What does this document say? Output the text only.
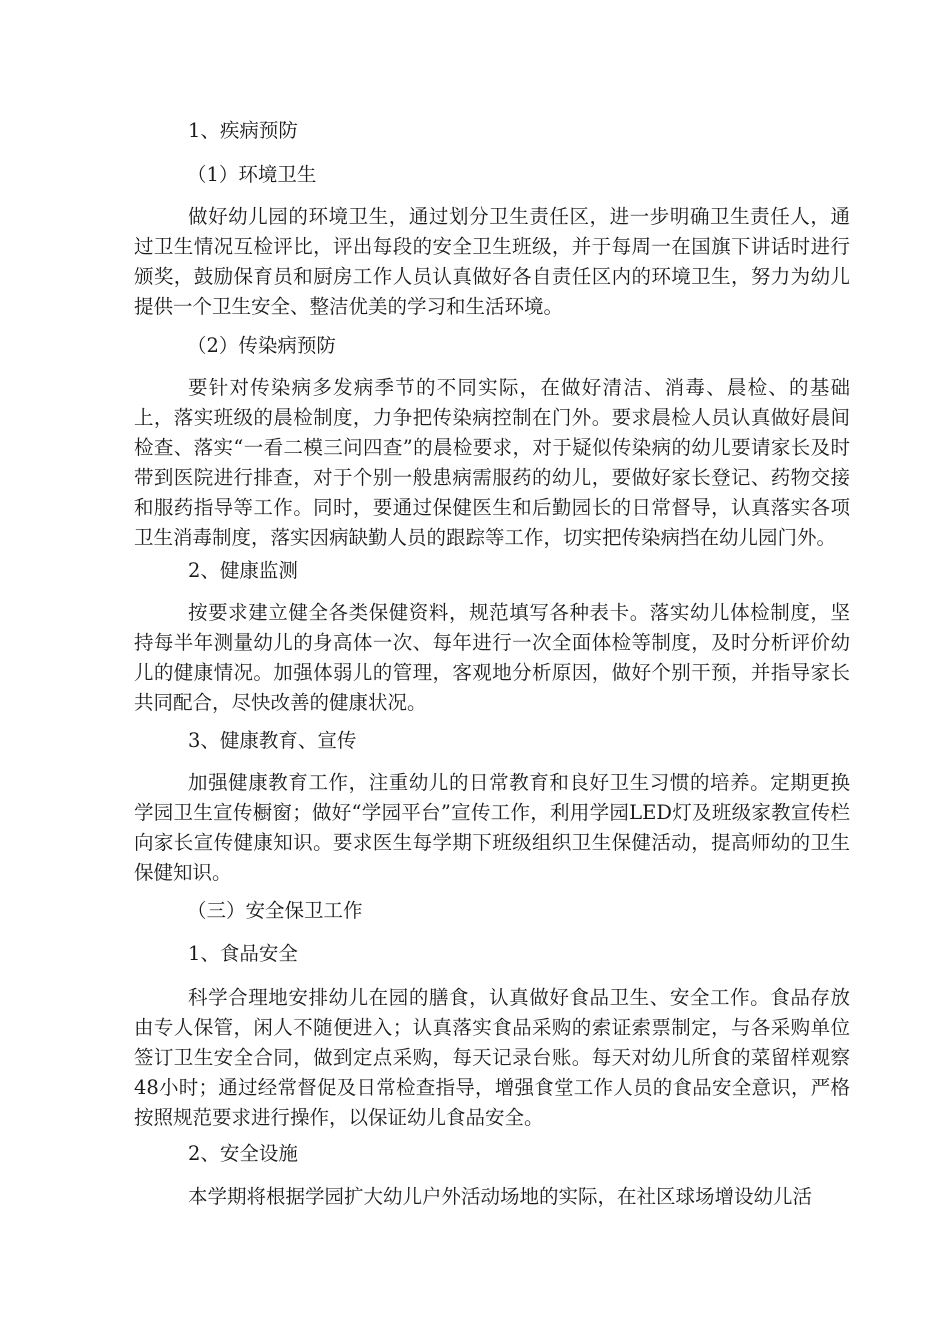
1、疾病预防

（1）环境卫生

做好幼儿园的环境卫生，通过划分卫生责任区，进一步明确卫生责任人，通过卫生情况互检评比，评出每段的安全卫生班级，并于每周一在国旗下讲话时进行颁奖，鼓励保育员和厨房工作人员认真做好各自责任区内的环境卫生，努力为幼儿提供一个卫生安全、整洁优美的学习和生活环境。

（2）传染病预防

要针对传染病多发病季节的不同实际，在做好清洁、消毒、晨检、的基础上，落实班级的晨检制度，力争把传染病控制在门外。要求晨检人员认真做好晨间检查、落实“一看二模三问四查”的晨检要求，对于疑似传染病的幼儿要请家长及时带到医院进行排查，对于个别一般患病需服药的幼儿，要做好家长登记、药物交接和服药指导等工作。同时，要通过保健医生和后勤园长的日常督导，认真落实各项卫生消毒制度，落实因病缺勤人员的跟踪等工作，切实把传染病挡在幼儿园门外。

2、健康监测

按要求建立健全各类保健资料，规范填写各种表卡。落实幼儿体检制度，坚持每半年测量幼儿的身高体一次、每年进行一次全面体检等制度，及时分析评价幼儿的健康情况。加强体弱儿的管理，客观地分析原因，做好个别干预，并指导家长共同配合，尽快改善的健康状况。

3、健康教育、宣传

加强健康教育工作，注重幼儿的日常教育和良好卫生习惯的培养。定期更换学园卫生宣传橱窗；做好“学园平台”宣传工作，利用学园LED灯及班级家教宣传栏向家长宣传健康知识。要求医生每学期下班级组织卫生保健活动，提高师幼的卫生保健知识。

（三）安全保卫工作

1、食品安全

科学合理地安排幼儿在园的膳食，认真做好食品卫生、安全工作。食品存放由专人保管，闲人不随便进入；认真落实食品采购的索证索票制定，与各采购单位签订卫生安全合同，做到定点采购，每天记录台账。每天对幼儿所食的菜留样观察48小时；通过经常督促及日常检查指导，增强食堂工作人员的食品安全意识，严格按照规范要求进行操作，以保证幼儿食品安全。

2、安全设施

本学期将根据学园扩大幼儿户外活动场地的实际，在社区球场增设幼儿活
